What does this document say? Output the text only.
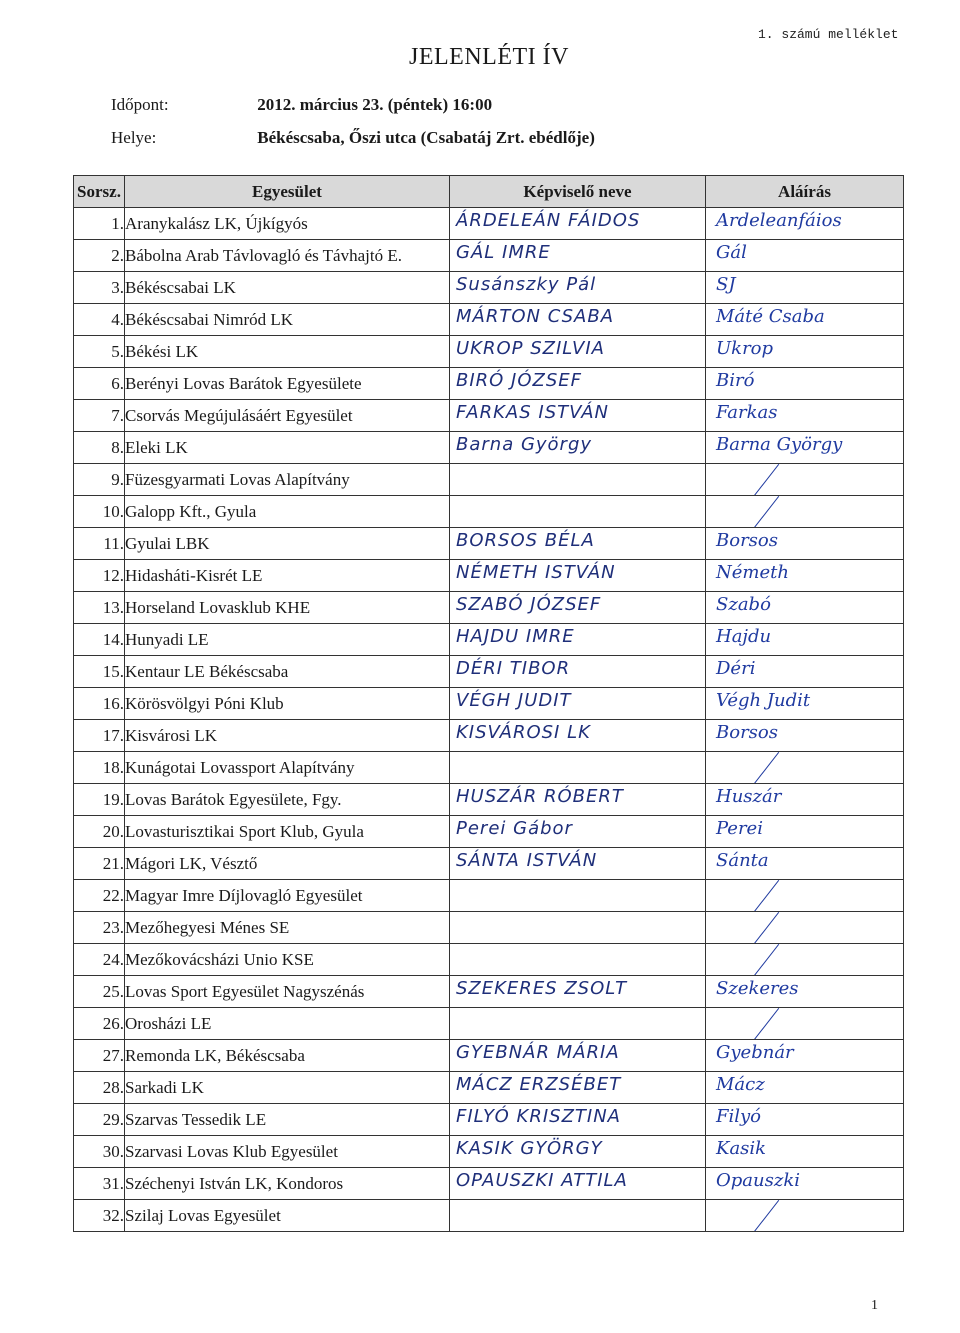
1. számú melléklet
JELENLÉTI ÍV
Időpont:	2012. március 23. (péntek) 16:00
Helye:	Békéscsaba, Őszi utca (Csabatáj Zrt. ebédlője)
Sorsz.	Egyesület	Képviselő neve	Aláírás
1.	Aranykalász LK, Újkígyós	ÁRDELEÁN FÁIDOS	Ardeleanfáios

2.	Bábolna Arab Távlovagló és Távhajtó E.	GÁL IMRE	Gál

3.	Békéscsabai LK	Susánszky Pál	SJ

4.	Békéscsabai Nimród LK	MÁRTON CSABA	Máté Csaba

5.	Békési LK	UKROP SZILVIA	Ukrop

6.	Berényi Lovas Barátok Egyesülete	BIRÓ JÓZSEF	Biró

7.	Csorvás Megújulásáért Egyesület	FARKAS ISTVÁN	Farkas

8.	Eleki LK	Barna György	Barna György

9.	Füzesgyarmati Lovas Alapítvány	

10.	Galopp Kft., Gyula	

11.	Gyulai LBK	BORSOS BÉLA	Borsos

12.	Hidasháti-Kisrét LE	NÉMETH ISTVÁN	Németh

13.	Horseland Lovasklub KHE	SZABÓ JÓZSEF	Szabó

14.	Hunyadi LE	HAJDU IMRE	Hajdu

15.	Kentaur LE Békéscsaba	DÉRI TIBOR	Déri

16.	Körösvölgyi Póni Klub	VÉGH JUDIT	Végh Judit

17.	Kisvárosi LK	KISVÁROSI LK	Borsos

18.	Kunágotai Lovassport Alapítvány	

19.	Lovas Barátok Egyesülete, Fgy.	HUSZÁR RÓBERT	Huszár

20.	Lovasturisztikai Sport Klub, Gyula	Perei Gábor	Perei

21.	Mágori LK, Vésztő	SÁNTA ISTVÁN	Sánta

22.	Magyar Imre Díjlovagló Egyesület	

23.	Mezőhegyesi Ménes SE	

24.	Mezőkovácsházi Unio KSE	

25.	Lovas Sport Egyesület Nagyszénás	SZEKERES ZSOLT	Szekeres

26.	Orosházi LE	

27.	Remonda LK, Békéscsaba	GYEBNÁR MÁRIA	Gyebnár

28.	Sarkadi LK	MÁCZ ERZSÉBET	Mácz

29.	Szarvas Tessedik LE	FILYÓ KRISZTINA	Filyó

30.	Szarvasi Lovas Klub Egyesület	KASIK GYÖRGY	Kasik

31.	Széchenyi István LK, Kondoros	OPAUSZKI ATTILA	Opauszki

32.	Szilaj Lovas Egyesület	

1
